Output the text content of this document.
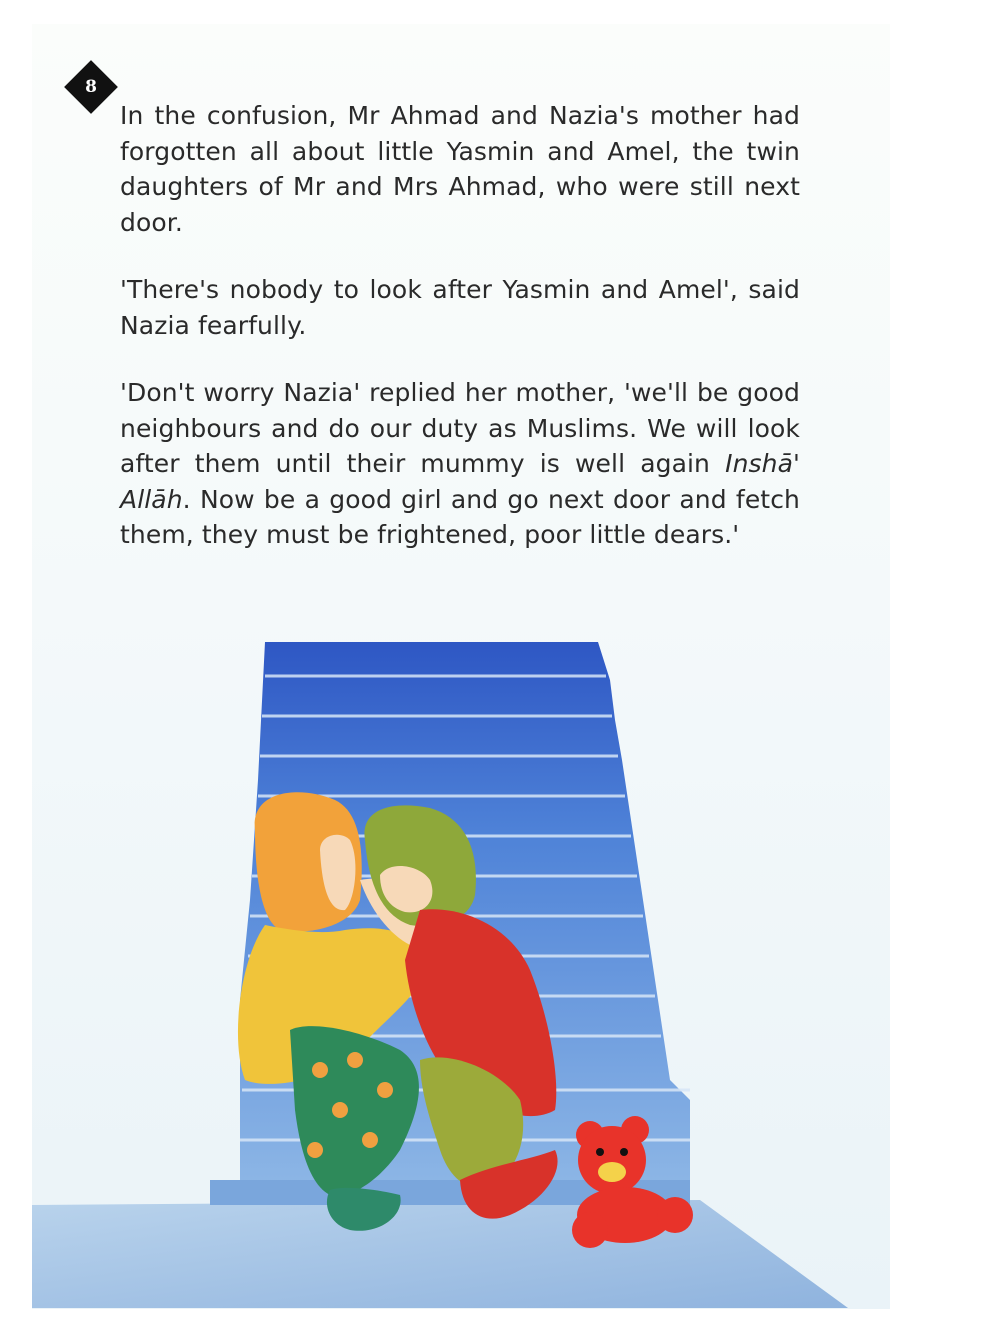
8

In the confusion, Mr Ahmad and Nazia's mother had forgotten all about little Yasmin and Amel, the twin daughters of Mr and Mrs Ahmad, who were still next door.

'There's nobody to look after Yasmin and Amel', said Nazia fearfully.

'Don't worry Nazia' replied her mother, 'we'll be good neighbours and do our duty as Muslims. We will look after them until their mummy is well again Inshā' Allāh. Now be a good girl and go next door and fetch them, they must be frightened, poor little dears.'
